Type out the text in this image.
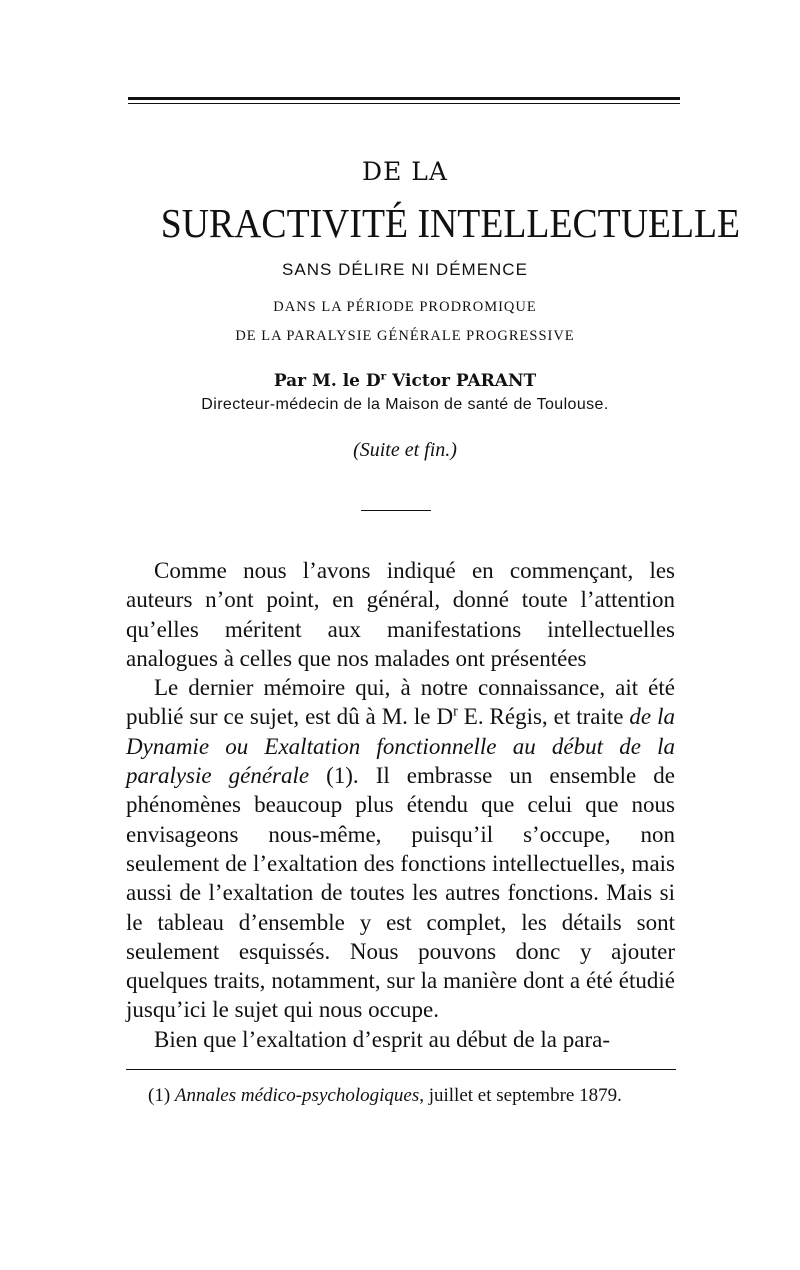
DE LA
SURACTIVITÉ INTELLECTUELLE
SANS DÉLIRE NI DÉMENCE
DANS LA PÉRIODE PRODROMIQUE
DE LA PARALYSIE GÉNÉRALE PROGRESSIVE
Par M. le $D^r$ Victor PARANT
Directeur-médecin de la Maison de santé de Toulouse.
(Suite et fin.)

Comme nous l’avons indiqué en commençant, les auteurs n’ont point, en général, donné toute l’attention qu’elles méritent aux manifestations intellectuelles analogues à celles que nos malades ont présentées

Le dernier mémoire qui, à notre connaissance, ait été publié sur ce sujet, est dû à M. le $D^r$ E. Régis, et traite de la Dynamie ou Exaltation fonctionnelle au début de la paralysie générale (1). Il embrasse un ensemble de phénomènes beaucoup plus étendu que celui que nous envisageons nous-même, puisqu’il s’occupe, non seulement de l’exaltation des fonctions intellectuelles, mais aussi de l’exaltation de toutes les autres fonctions. Mais si le tableau d’ensemble y est complet, les détails sont seulement esquissés. Nous pouvons donc y ajouter quelques traits, notamment, sur la manière dont a été étudié jusqu’ici le sujet qui nous occupe.

Bien que l’exaltation d’esprit au début de la para-

(1) Annales médico-psychologiques, juillet et septembre 1879.
